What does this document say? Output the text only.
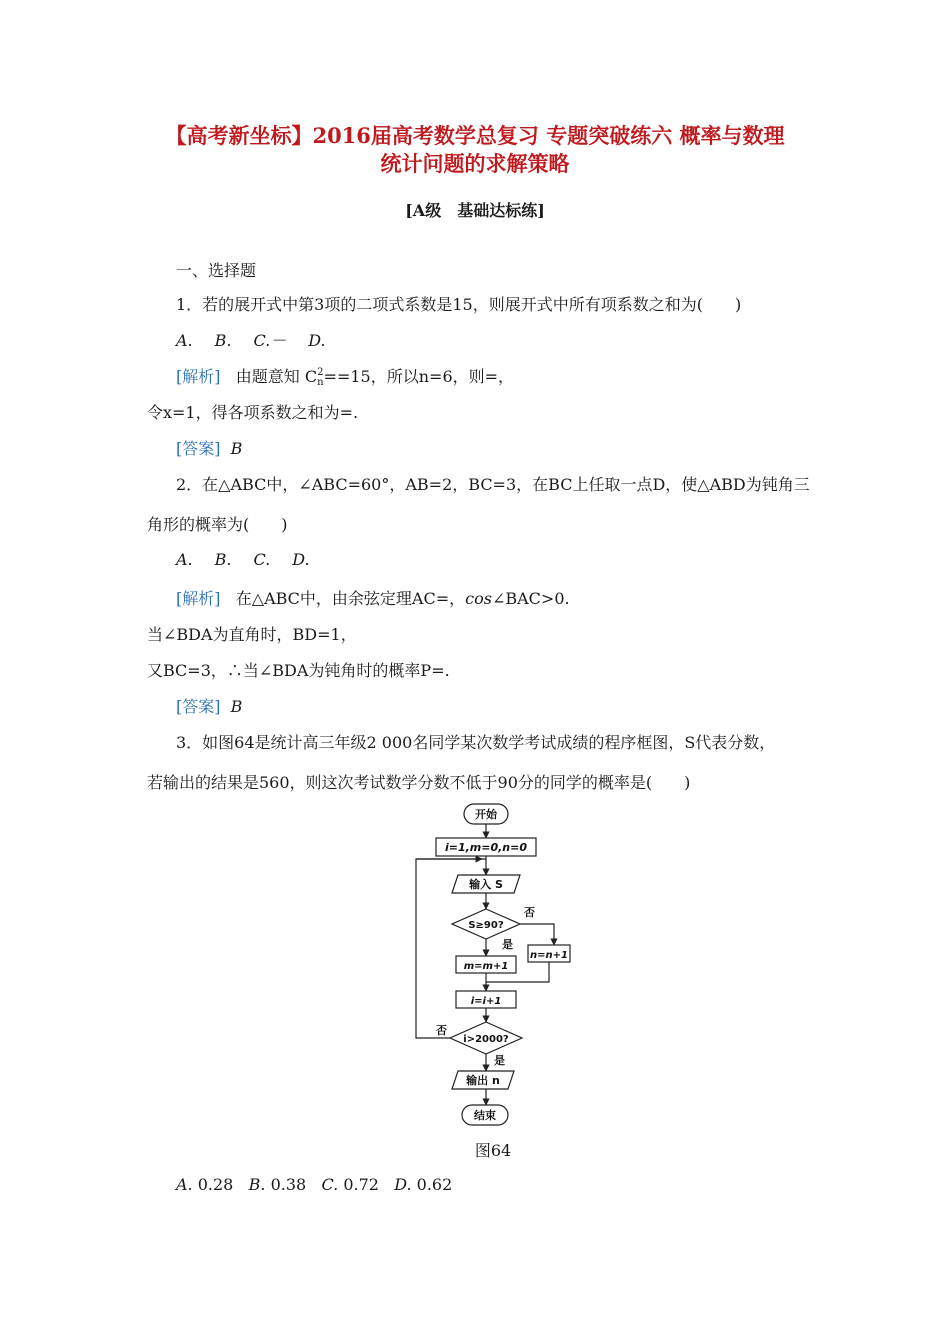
【高考新坐标】2016届高考数学总复习 专题突破练六 概率与数理
统计问题的求解策略
[A级　基础达标练]
一、选择题
1．若的展开式中第3项的二项式系数是15，则展开式中所有项系数之和为(　　)
A. B. C.－ D.
[解析] 由题意知 C 2
n ==15，所以n=6，则=，
令x=1，得各项系数之和为=.
[答案] B
2．在△ABC中，∠ABC=60°，AB=2，BC=3，在BC上任取一点D，使△ABD为钝角三
角形的概率为(　　)
A. B. C. D.
[解析] 在△ABC中，由余弦定理AC=，cos∠BAC>0.
当∠BDA为直角时，BD=1，
又BC=3，∴当∠BDA为钝角时的概率P=.
[答案] B
3．如图64是统计高三年级2 000名同学某次数学考试成绩的程序框图，S代表分数，
若输出的结果是560，则这次考试数学分数不低于90分的同学的概率是(　　)
开始
i=1,m=0,n=0
输入 S
S≥90?
否
是
n=n+1
m=m+1
i=i+1
i>2000?
否
是
输出 n
结束
图64
A. 0.28 B. 0.38 C. 0.72 D. 0.62
